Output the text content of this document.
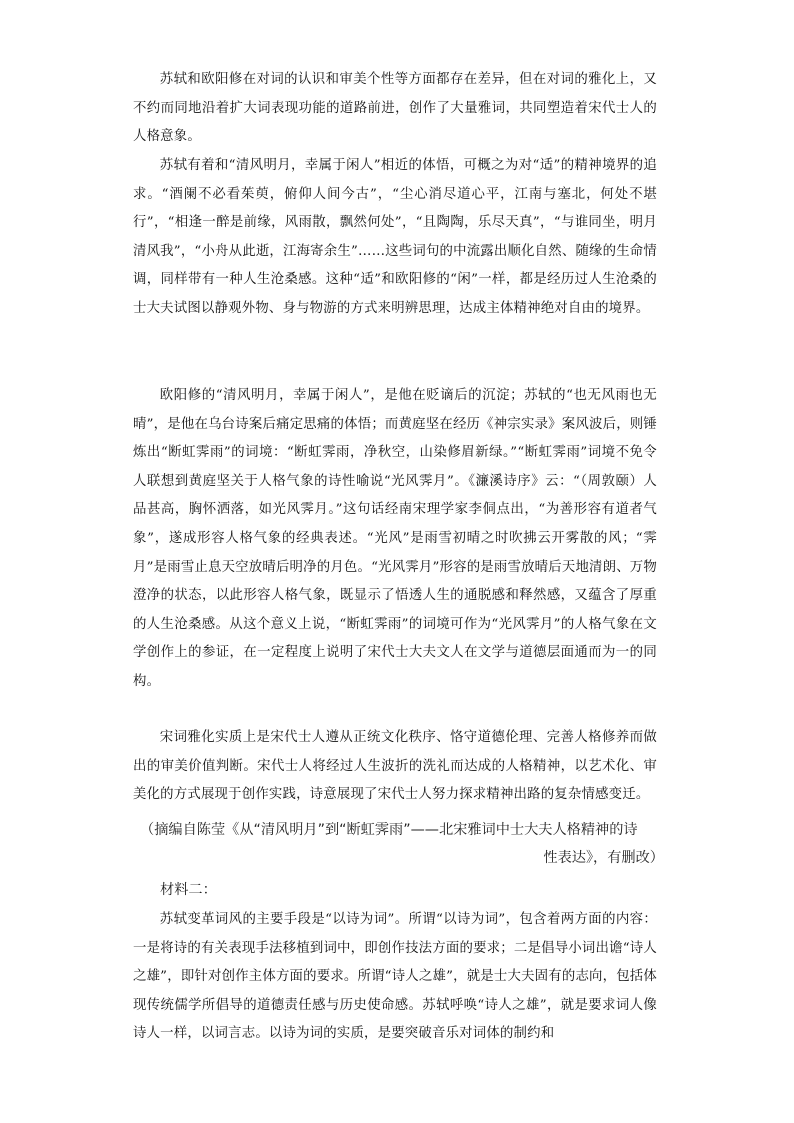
苏轼和欧阳修在对词的认识和审美个性等方面都存在差异，但在对词的雅化上，又不约而同地沿着扩大词表现功能的道路前进，创作了大量雅词，共同塑造着宋代士人的人格意象。

苏轼有着和“清风明月，幸属于闲人”相近的体悟，可概之为对“适”的精神境界的追求。“酒阑不必看茱萸，俯仰人间今古”，“尘心消尽道心平，江南与塞北，何处不堪行”，“相逢一醉是前缘，风雨散，飘然何处”，“且陶陶，乐尽天真”，“与谁同坐，明月清风我”，“小舟从此逝，江海寄余生”……这些词句的中流露出顺化自然、随缘的生命情调，同样带有一种人生沧桑感。这种“适”和欧阳修的“闲”一样，都是经历过人生沧桑的士大夫试图以静观外物、身与物游的方式来明辨思理，达成主体精神绝对自由的境界。

欧阳修的“清风明月，幸属于闲人”，是他在贬谪后的沉淀；苏轼的“也无风雨也无晴”，是他在乌台诗案后痛定思痛的体悟；而黄庭坚在经历《神宗实录》案风波后，则锤炼出“断虹霁雨”的词境：“断虹霁雨，净秋空，山染修眉新绿。”“断虹霁雨”词境不免令人联想到黄庭坚关于人格气象的诗性喻说“光风霁月”。《濂溪诗序》云：“（周敦颐）人品甚高，胸怀洒落，如光风霁月。”这句话经南宋理学家李侗点出，“为善形容有道者气象”，遂成形容人格气象的经典表述。“光风”是雨雪初晴之时吹拂云开雾散的风；“霁月”是雨雪止息天空放晴后明净的月色。“光风霁月”形容的是雨雪放晴后天地清朗、万物澄净的状态，以此形容人格气象，既显示了悟透人生的通脱感和释然感，又蕴含了厚重的人生沧桑感。从这个意义上说，“断虹霁雨”的词境可作为“光风霁月”的人格气象在文学创作上的参证，在一定程度上说明了宋代士大夫文人在文学与道德层面通而为一的同构。

宋词雅化实质上是宋代士人遵从正统文化秩序、恪守道德伦理、完善人格修养而做出的审美价值判断。宋代士人将经过人生波折的洗礼而达成的人格精神，以艺术化、审美化的方式展现于创作实践，诗意展现了宋代士人努力探求精神出路的复杂情感变迁。

（摘编自陈莹《从“清风明月”到“断虹霁雨”——北宋雅词中士大夫人格精神的诗
性表达》，有删改）

材料二：

苏轼变革词风的主要手段是“以诗为词”。所谓“以诗为词”，包含着两方面的内容：一是将诗的有关表现手法移植到词中，即创作技法方面的要求；二是倡导小词出谵“诗人之雄”，即针对创作主体方面的要求。所谓“诗人之雄”，就是士大夫固有的志向，包括体现传统儒学所倡导的道德责任感与历史使命感。苏轼呼唤“诗人之雄”，就是要求词人像诗人一样，以词言志。以诗为词的实质，是要突破音乐对词体的制约和
